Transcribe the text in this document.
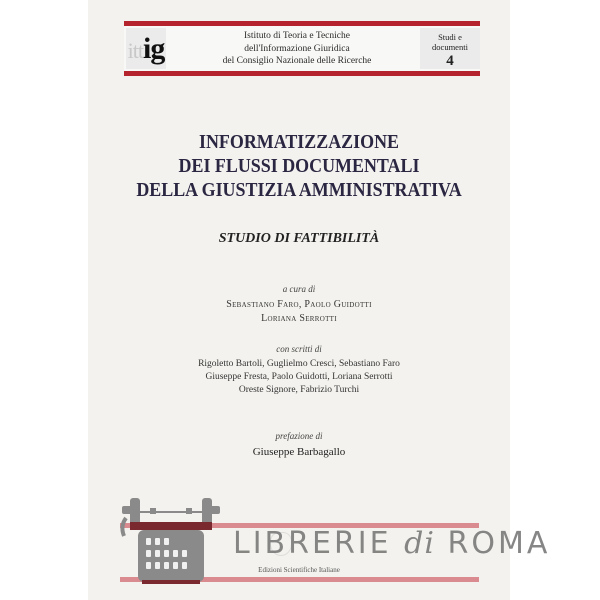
ittig	Istituto di Teoria e Tecniche
dell'Informazione Giuridica
del Consiglio Nazionale delle Ricerche
Studi e
documenti
4
INFORMATIZZAZIONE
DEI FLUSSI DOCUMENTALI
DELLA GIUSTIZIA AMMINISTRATIVA
STUDIO DI FATTIBILITÀ
a cura di
Sebastiano Faro, Paolo Guidotti
Loriana Serrotti
con scritti di
Rigoletto Bartoli, Guglielmo Cresci, Sebastiano Faro
Giuseppe Fresta, Paolo Guidotti, Loriana Serrotti
Oreste Signore, Fabrizio Turchi
prefazione di
Giuseppe Barbagallo
Edizioni Scientifiche Italiane
LIBRERIE di ROMA
